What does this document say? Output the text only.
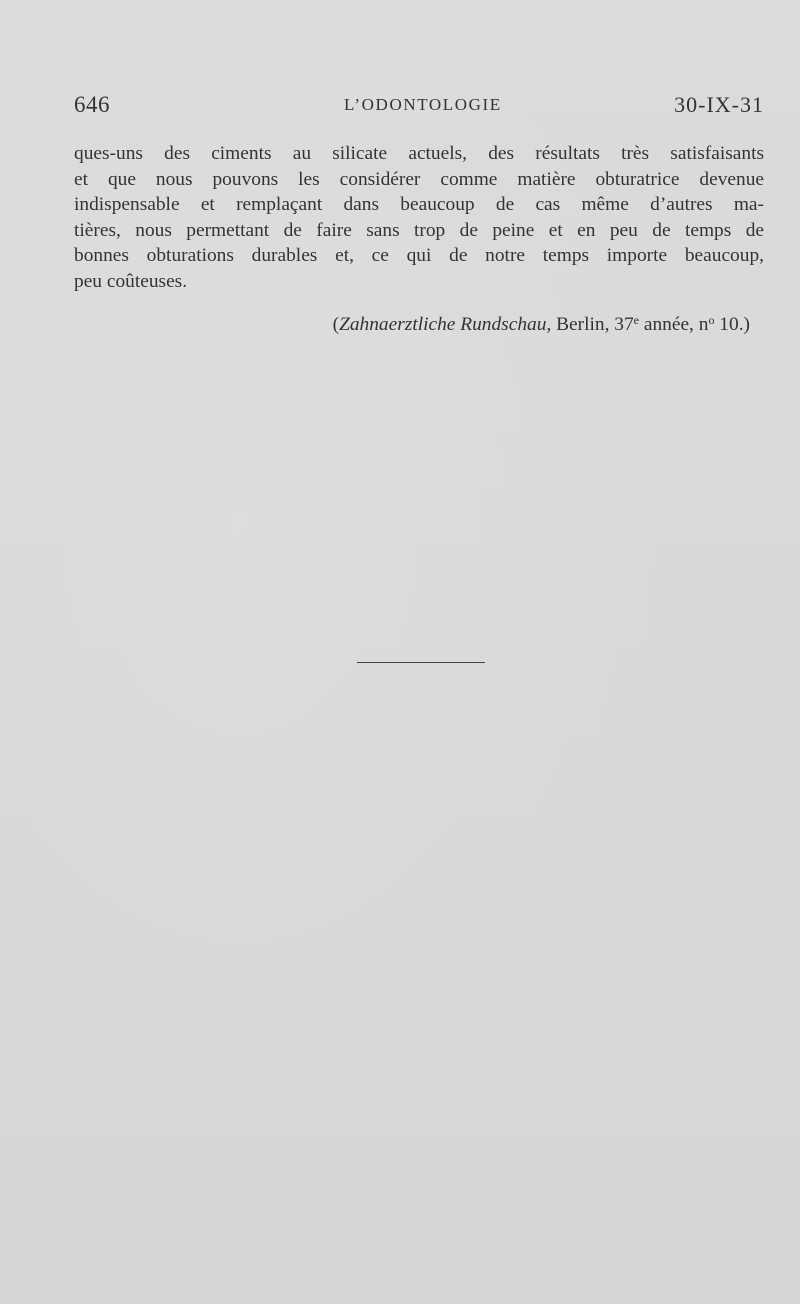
646	L’ODONTOLOGIE	30-IX-31

ques-uns des ciments au silicate actuels, des résultats très satisfaisants
et que nous pouvons les considérer comme matière obturatrice devenue
indispensable et remplaçant dans beaucoup de cas même d’autres ma-
tières, nous permettant de faire sans trop de peine et en peu de temps de
bonnes obturations durables et, ce qui de notre temps importe beaucoup,
peu coûteuses.

(Zahnaerztliche Rundschau, Berlin, 37e année, $n^o$ 10.)
